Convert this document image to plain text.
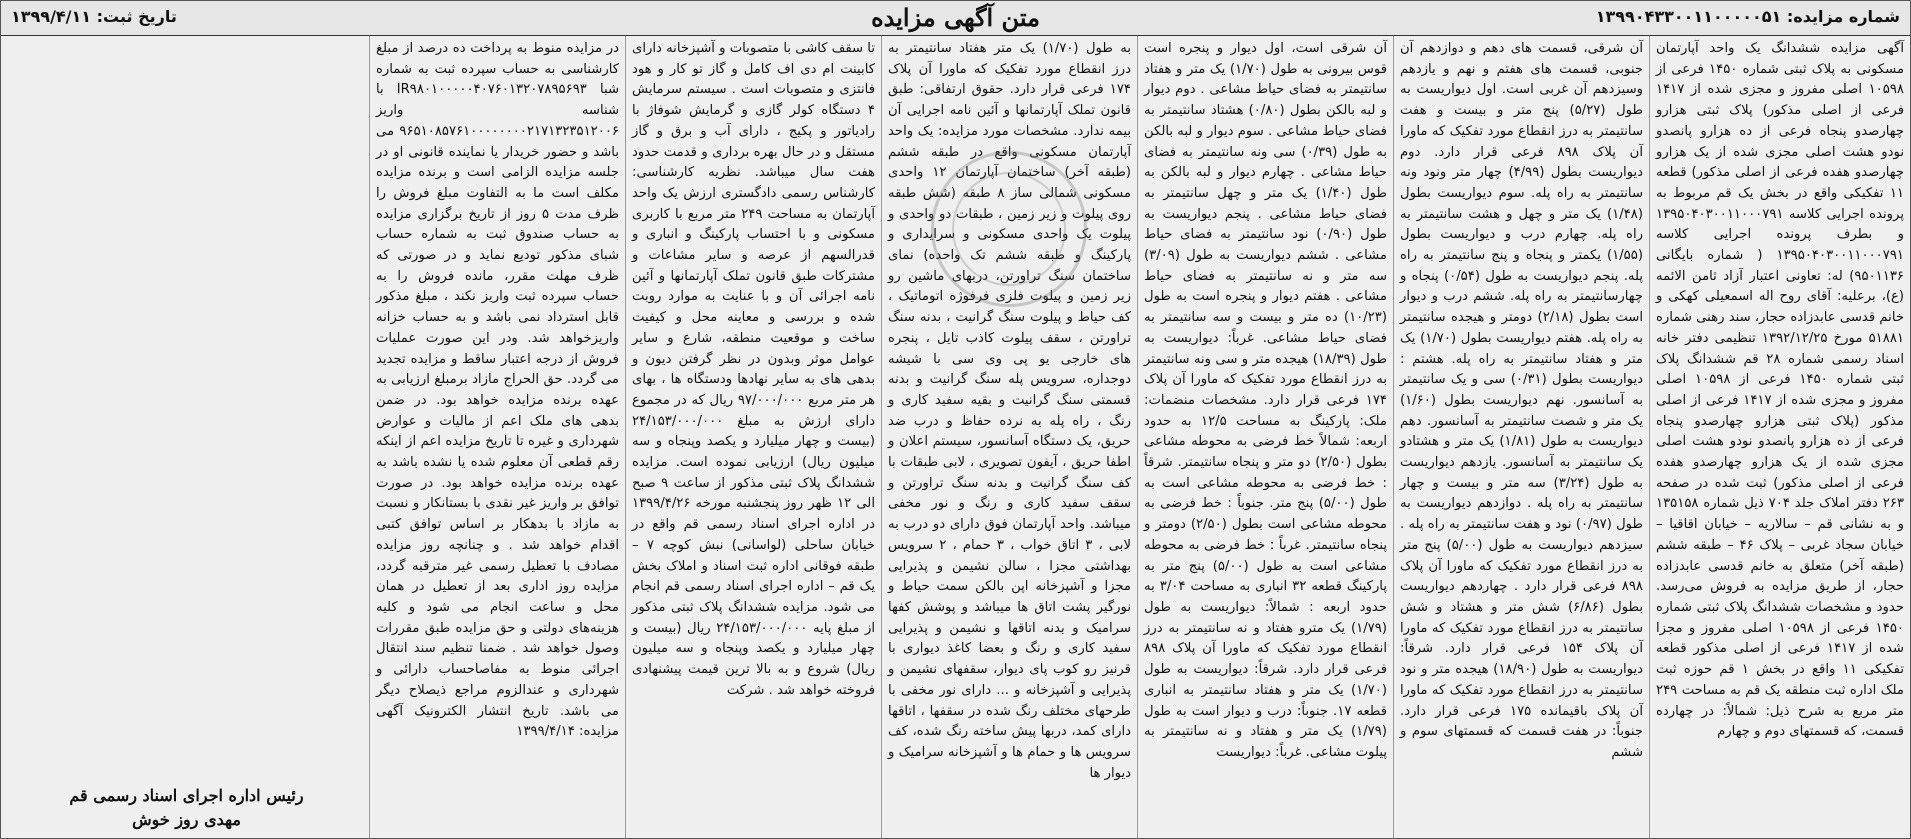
شماره مزایده: ۱۳۹۹۰۴۳۳۰۰۱۱۰۰۰۰۰۵۱
متن آگهی مزایده
تاریخ ثبت: ۱۳۹۹/۴/۱۱

آگهی مزایده ششدانگ یک واحد آپارتمان مسکونی به پلاک ثبتی شماره ۱۴۵۰ فرعی از ۱۰۵۹۸ اصلی مفروز و مجزی شده از ۱۴۱۷ فرعی از اصلی مذکور) پلاک ثبتی هزارو چهارصدو پنجاه فرعی از ده هزارو پانصدو نودو هشت اصلی مجزی شده از یک هزارو چهارصدو هفده فرعی از اصلی مذکور) قطعه ۱۱ تفکیکی واقع در بخش یک قم مربوط به پرونده اجرایی کلاسه ۱۳۹۵۰۴۰۳۰۰۱۱۰۰۰۷۹۱ و بطرف پرونده اجرایی کلاسه ۱۳۹۵۰۴۰۳۰۰۱۱۰۰۰۷۹۱ ( شماره بایگانی ۹۵۰۱۱۳۶) له: تعاونی اعتبار آزاد ثامن الائمه (ع)، برعلیه: آقای روح اله اسمعیلی کهکی و خانم قدسی عابدزاده حجار، سند رهنی شماره ۵۱۸۸۱ مورخ ۱۳۹۲/۱۲/۲۵ تنظیمی دفتر خانه اسناد رسمی شماره ۲۸ قم ششدانگ پلاک ثبتی شماره ۱۴۵۰ فرعی از ۱۰۵۹۸ اصلی مفروز و مجزی شده از ۱۴۱۷ فرعی از اصلی مذکور (پلاک ثبتی هزارو چهارصدو پنجاه فرعی از ده هزارو پانصدو نودو هشت اصلی مجزی شده از یک هزارو چهارصدو هفده فرعی از اصلی مذکور) ثبت شده در صفحه ۲۶۳ دفتر املاک جلد ۷۰۴ ذیل شماره ۱۳۵۱۵۸ و به نشانی قم – سالاریه – خیابان اقاقیا – خیابان سجاد غربی – پلاک ۴۶ – طبقه ششم (طبقه آخر) متعلق به خانم قدسی عابدزاده حجار، از طریق مزایده به فروش می‌رسد. حدود و مشخصات ششدانگ پلاک ثبتی شماره ۱۴۵۰ فرعی از ۱۰۵۹۸ اصلی مفروز و مجزا شده از ۱۴۱۷ فرعی از اصلی مذکور قطعه تفکیکی ۱۱ واقع در بخش ۱ قم حوزه ثبت ملک اداره ثبت منطقه یک قم به مساحت ۲۴۹ متر مربع به شرح ذیل: شمالاً: در چهارده قسمت، که قسمتهای دوم و چهارم

آن شرقی، قسمت های دهم و دوازدهم آن جنوبی، قسمت های هفتم و نهم و یازدهم وسیزدهم آن غربی است. اول دیواریست به طول (۵/۲۷) پنج متر و بیست و هفت سانتیمتر به درز انقطاع مورد تفکیک که ماورا آن پلاک ۸۹۸ فرعی قرار دارد. دوم دیواریست بطول (۴/۹۹) چهار متر ونود ونه سانتیمتر به راه پله. سوم دیواریست بطول (۱/۴۸) یک متر و چهل و هشت سانتیمتر به راه پله. چهارم درب و دیواریست بطول (۱/۵۵) یکمتر و پنجاه و پنج سانتیمتر به راه پله. پنجم دیواریست به طول (۰/۵۴) پنجاه و چهارسانتیمتر به راه پله. ششم درب و دیوار است بطول (۲/۱۸) دومتر و هیجده سانتیمتر به راه پله. هفتم دیواریست بطول (۱/۷۰) یک متر و هفتاد سانتیمتر به راه پله. هشتم : دیواریست بطول (۰/۳۱) سی و یک سانتیمتر به آسانسور. نهم دیواریست بطول (۱/۶۰) یک متر و شصت سانتیمتر به آسانسور. دهم دیواریست به طول (۱/۸۱) یک متر و هشتادو یک سانتیمتر به آسانسور. یازدهم دیواریست به طول (۳/۲۴) سه متر و بیست و چهار سانتیمتر به راه پله . دوازدهم دیواریست به طول (۰/۹۷) نود و هفت سانتیمتر به راه پله . سیزدهم دیواریست به طول (۵/۰۰) پنج متر به درز انقطاع مورد تفکیک که ماورا آن پلاک ۸۹۸ فرعی قرار دارد . چهاردهم دیواریست بطول (۶/۸۶) شش متر و هشتاد و شش سانتیمتر به درز انقطاع مورد تفکیک که ماورا آن پلاک ۱۵۴ فرعی قرار دارد. شرقاً: دیواریست به طول (۱۸/۹۰) هیجده متر و نود سانتیمتر به درز انقطاع مورد تفکیک که ماورا آن پلاک باقیمانده ۱۷۵ فرعی قرار دارد. جنوباً: در هفت قسمت که قسمتهای سوم و ششم

آن شرقی است، اول دیوار و پنجره است قوس بیرونی به طول (۱/۷۰) یک متر و هفتاد سانتیمتر به فضای حیاط مشاعی . دوم دیوار و لبه بالکن بطول (۰/۸۰) هشتاد سانتیمتر به فضای حیاط مشاعی . سوم دیوار و لبه بالکن به طول (۰/۳۹) سی ونه سانتیمتر به فضای حیاط مشاعی . چهارم دیوار و لبه بالکن به طول (۱/۴۰) یک متر و چهل سانتیمتر به فضای حیاط مشاعی . پنجم دیواریست به طول (۰/۹۰) نود سانتیمتر به فضای حیاط مشاعی . ششم دیواریست به طول (۳/۰۹) سه متر و نه سانتیمتر به فضای حیاط مشاعی . هفتم دیوار و پنجره است به طول (۱۰/۲۳) ده متر و بیست و سه سانتیمتر به فضای حیاط مشاعی. غرباً: دیواریست به طول (۱۸/۳۹) هیجده متر و سی ونه سانتیمتر به درز انقطاع مورد تفکیک که ماورا آن پلاک ۱۷۴ فرعی قرار دارد. مشخصات منضمات: ملک: پارکینگ به مساحت ۱۲/۵ به حدود اربعه: شمالاً خط فرضی به محوطه مشاعی بطول (۲/۵۰) دو متر و پنجاه سانتیمتر. شرقاً : خط فرضی به محوطه مشاعی است به طول (۵/۰۰) پنج متر. جنوباً : خط فرضی به محوطه مشاعی است بطول (۲/۵۰) دومتر و پنجاه سانتیمتر. غرباً : خط فرضی به محوطه مشاعی است به طول (۵/۰۰) پنج متر به پارکینگ قطعه ۳۲ انباری به مساحت ۳/۰۴ به حدود اربعه : شمالاً: دیواریست به طول (۱/۷۹) یک مترو هفتاد و نه سانتیمتر به درز انقطاع مورد تفکیک که ماورا آن پلاک ۸۹۸ فرعی قرار دارد. شرقاً: دیواریست به طول (۱/۷۰) یک متر و هفتاد سانتیمتر به انباری قطعه ۱۷. جنوباً: درب و دیوار است به طول (۱/۷۹) یک متر و هفتاد و نه سانتیمتر به پیلوت مشاعی. غرباً: دیواریست

به طول (۱/۷۰) یک متر هفتاد سانتیمتر به درز انقطاع مورد تفکیک که ماورا آن پلاک ۱۷۴ فرعی قرار دارد. حقوق ارتفاقی: طبق قانون تملک آپارتمانها و آئین نامه اجرایی آن بیمه ندارد. مشخصات مورد مزایده: یک واحد آپارتمان مسکونی واقع در طبقه ششم (طبقه آخر) ساختمان آپارتمان ۱۲ واحدی مسکونی شمالی ساز ۸ طبقه (شش طبقه روی پیلوت و زیر زمین ، طبقات دو واحدی و پیلوت یک واحدی مسکونی و سرایداری و پارکینگ و طبقه ششم تک واحده) نمای ساختمان سنگ تراورتن، دربهای ماشین رو زیر زمین و پیلوت فلزی فرفوژه اتوماتیک ، کف حیاط و پیلوت سنگ گرانیت ، بدنه سنگ تراورتن ، سقف پیلوت کاذب تایل ، پنجره های خارجی یو پی وی سی با شیشه دوجداره، سرویس پله سنگ گرانیت و بدنه قسمتی سنگ گرانیت و بقیه سفید کاری و رنگ ، راه پله به نرده حفاظ و درب ضد حریق، یک دستگاه آسانسور، سیستم اعلان و اطفا حریق ، آیفون تصویری ، لابی طبقات با کف سنگ گرانیت و بدنه سنگ تراورتن و سقف سفید کاری و رنگ و نور مخفی میباشد. واحد آپارتمان فوق دارای دو درب به لابی ، ۳ اتاق خواب ، ۳ حمام ، ۲ سرویس بهداشتی مجزا ، سالن نشیمن و پذیرایی مجزا و آشپزخانه اپن بالکن سمت حیاط و نورگیر پشت اتاق ها میباشد و پوشش کفها سرامیک و بدنه اتاقها و نشیمن و پذیرایی سفید کاری و رنگ و بعضا کاغذ دیواری با قرنیز رو کوب پای دیوار، سقفهای نشیمن و پذیرایی و آشپزخانه و ... دارای نور مخفی با طرحهای مختلف رنگ شده در سقفها ، اتاقها دارای کمد، دربها پیش ساخته رنگ شده، کف سرویس ها و حمام ها و آشپزخانه سرامیک و دیوار ها

تا سقف کاشی با متصوبات و آشپزخانه دارای کابینت ام دی اف کامل و گاز تو کار و هود فانتزی و متصوبات است . سیستم سرمایش ۴ دستگاه کولر گازی و گرمایش شوفاژ با رادیاتور و پکیج ، دارای آب و برق و گاز مستقل و در حال بهره برداری و قدمت حدود هفت سال میباشد. نظریه کارشناسی: کارشناس رسمی دادگستری ارزش یک واحد آپارتمان به مساحت ۲۴۹ متر مربع با کاربری مسکونی و با احتساب پارکینگ و انباری و قدرالسهم از عرصه و سایر مشاعات و مشترکات طبق قانون تملک آپارتمانها و آئین نامه اجرائی آن و با عنایت به موارد روبت شده و بررسی و معاینه محل و کیفیت ساخت و موقعیت منطقه، شارع و سایر عوامل موثر وبدون در نظر گرفتن دیون و بدهی های به سایر نهادها ودستگاه ها ، بهای هر متر مربع ۹۷/۰۰۰/۰۰۰ ریال که در مجموع دارای ارزش به مبلغ ۲۴/۱۵۳/۰۰۰/۰۰۰ (بیست و چهار میلیارد و یکصد وپنجاه و سه میلیون ریال) ارزیابی نموده است. مزایده ششدانگ پلاک ثبتی مذکور از ساعت ۹ صبح الی ۱۲ ظهر روز پنجشنبه مورخه ۱۳۹۹/۴/۲۶ در اداره اجرای اسناد رسمی قم واقع در خیابان ساحلی (لواسانی) نبش کوچه ۷ – طبقه فوقانی اداره ثبت اسناد و املاک بخش یک قم – اداره اجرای اسناد رسمی قم انجام می شود. مزایده ششدانگ پلاک ثبتی مذکور از مبلغ پایه ۲۴/۱۵۳/۰۰۰/۰۰۰ ریال (بیست و چهار میلیارد و یکصد وپنجاه و سه میلیون ریال) شروع و به بالا ترین قیمت پیشنهادی فروخته خواهد شد . شرکت

در مزایده منوط به پرداخت ده درصد از مبلغ کارشناسی به حساب سپرده ثبت به شماره شبا IR۹۸۰۱۰۰۰۰۰۴۰۷۶۰۱۳۲۰۷۸۹۵۶۹۳ با شناسه واریز ۹۶۵۱۰۸۵۷۶۱۰۰۰۰۰۰۰۰۲۱۷۱۳۲۳۵۱۲۰۰۶ می باشد و حضور خریدار یا نماینده قانونی او در جلسه مزایده الزامی است و برنده مزایده مکلف است ما به التفاوت مبلغ فروش را ظرف مدت ۵ روز از تاریخ برگزاری مزایده به حساب صندوق ثبت به شماره حساب شبای مذکور توديع نمايد و در صورتی که ظرف مهلت مقرر، مانده فروش را به حساب سپرده ثبت واریز نکند ، مبلغ مذکور قابل استرداد نمی باشد و به حساب خزانه واریزخواهد شد. ودر این صورت عملیات فروش از درجه اعتبار ساقط و مزایده تجدید می گردد. حق الحراج مازاد برمبلغ ارزیابی به عهده برنده مزایده خواهد بود. در ضمن بدهی های ملک اعم از مالیات و عوارض شهرداری و غیره تا تاریخ مزایده اعم از اینکه رقم قطعی آن معلوم شده یا نشده باشد به عهده برنده مزایده خواهد بود. در صورت توافق بر واریز غیر نقدی با بستانکار و نسبت به مازاد با بدهکار بر اساس توافق کتبی اقدام خواهد شد . و چنانچه روز مزایده مصادف با تعطیل رسمی غیر مترقبه گردد، مزایده روز اداری بعد از تعطیل در همان محل و ساعت انجام می شود و کلیه هزینه‌های دولتی و حق مزایده طبق مقررات وصول خواهد شد . ضمنا تنظیم سند انتقال اجرائی منوط به مفاصاحساب دارائی و شهرداری و عندالزوم مراجع ذیصلاح دیگر می باشد. تاریخ انتشار الکترونیک آگهی مزایده: ۱۳۹۹/۴/۱۴

رئیس اداره اجرای اسناد رسمی قم
مهدی روز خوش
